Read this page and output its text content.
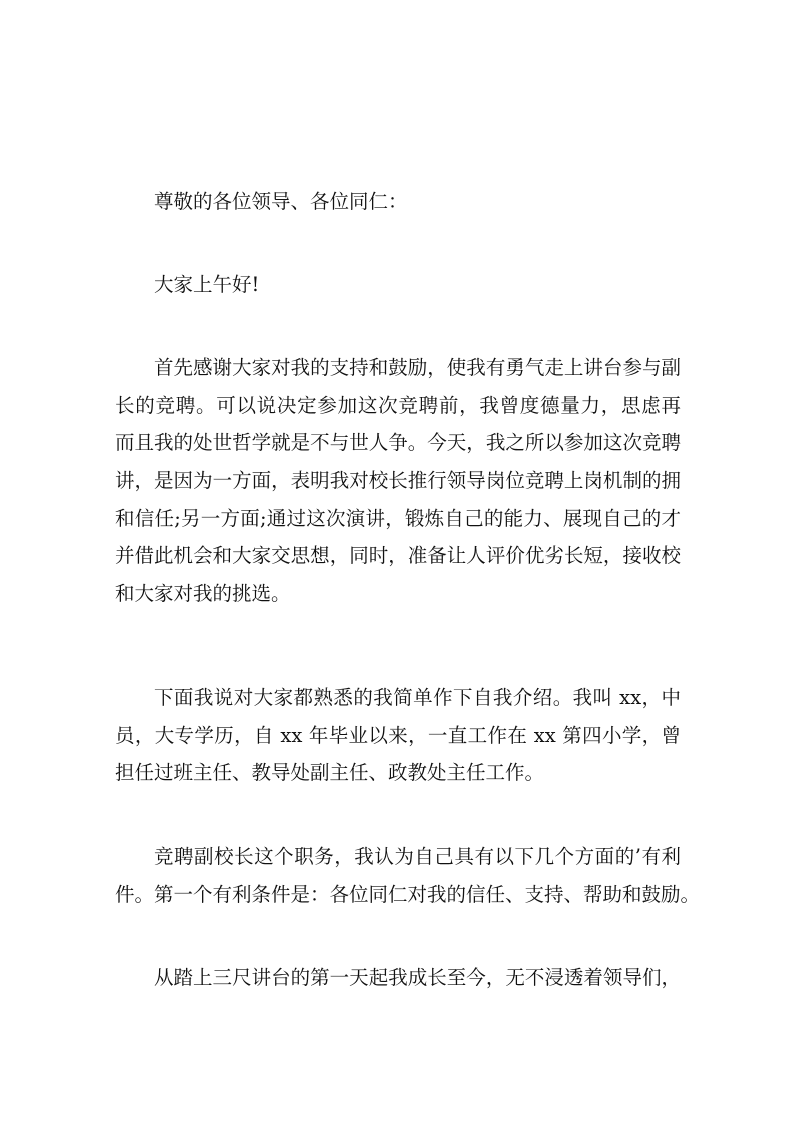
尊敬的各位领导、各位同仁：
大家上午好!
首先感谢大家对我的支持和鼓励，使我有勇气走上讲台参与副
长的竞聘。可以说决定参加这次竞聘前，我曾度德量力，思虑再
而且我的处世哲学就是不与世人争。今天，我之所以参加这次竞聘
讲，是因为一方面，表明我对校长推行领导岗位竞聘上岗机制的拥
和信任;另一方面;通过这次演讲，锻炼自己的能力、展现自己的才
并借此机会和大家交思想，同时，准备让人评价优劣长短，接收校
和大家对我的挑选。
下面我说对大家都熟悉的我简单作下自我介绍。我叫 xx，中
员，大专学历，自 xx 年毕业以来，一直工作在 xx 第四小学，曾
担任过班主任、教导处副主任、政教处主任工作。
竞聘副校长这个职务，我认为自己具有以下几个方面的’有利
件。第一个有利条件是：各位同仁对我的信任、支持、帮助和鼓励。
从踏上三尺讲台的第一天起我成长至今，无不浸透着领导们，
